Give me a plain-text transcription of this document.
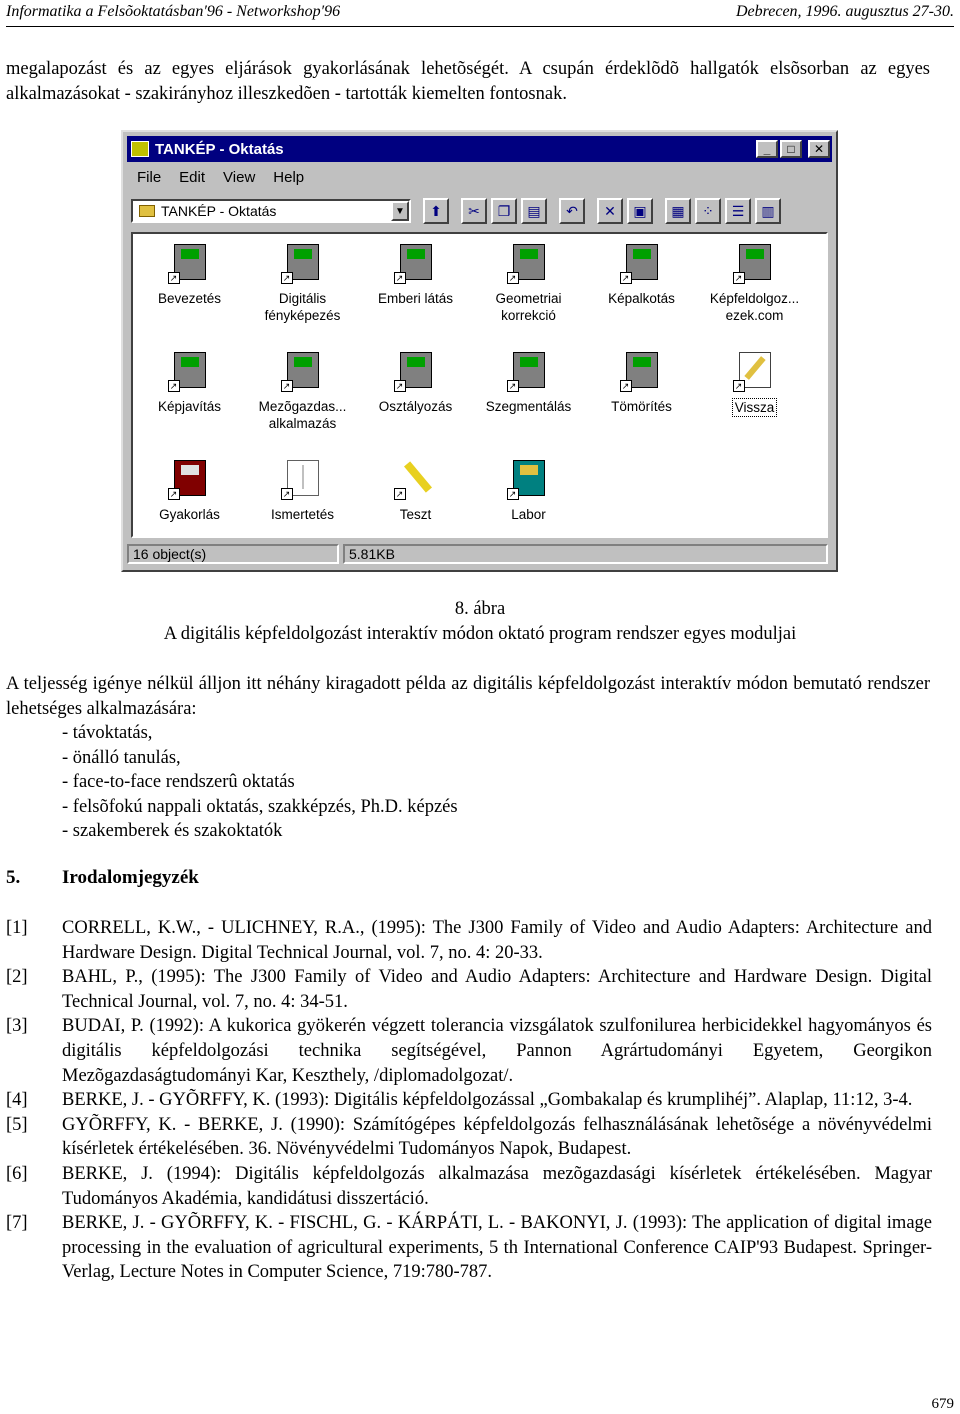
Informatika a Felsõoktatásban′96 - Networkshop′96	Debrecen, 1996. augusztus 27-30.

megalapozást és az egyes eljárások gyakorlásának lehetõségét. A csupán érdeklõdõ hallgatók elsõsorban az egyes alkalmazásokat - szakirányhoz illeszkedõen - tartották kiemelten fontosnak.

TANKÉP - Oktatás	_	□	✕
File Edit View Help
TANKÉP - Oktatás	▼ ⬆ ✂ ❐ ▤ ↶ ✕ ▣ ▦ ⁘ ☰ ▥
↗
Bevezetés
↗
Digitális fényképezés
↗
Emberi látás
↗
Geometriai korrekció
↗
Képalkotás
↗
Képfeldolgoz... ezek.com
↗
Képjavítás
↗
Mezõgazdas... alkalmazás
↗
Osztályozás
↗
Szegmentálás
↗
Tömörítés
↗
Vissza
↗
Gyakorlás
↗
Ismertetés
↗
Teszt
↗
Labor
16 object(s)	5.81KB
8. ábra
A digitális képfeldolgozást interaktív módon oktató program rendszer egyes moduljai

A teljesség igénye nélkül álljon itt néhány kiragadott példa az digitális képfeldolgozást interaktív módon bemutató rendszer lehetséges alkalmazására:

- távoktatás,
- önálló tanulás,
- face-to-face rendszerû oktatás
- felsõfokú nappali oktatás, szakképzés, Ph.D. képzés
- szakemberek és szakoktatók
5. Irodalomjegyzék
[1] CORRELL, K.W., - ULICHNEY, R.A., (1995): The J300 Family of Video and Audio Adapters: Architecture and Hardware Design. Digital Technical Journal, vol. 7, no. 4: 20-33.
[2] BAHL, P., (1995): The J300 Family of Video and Audio Adapters: Architecture and Hardware Design. Digital Technical Journal, vol. 7, no. 4: 34-51.
[3] BUDAI, P. (1992): A kukorica gyökerén végzett tolerancia vizsgálatok szulfonilurea herbicidekkel hagyományos és digitális képfeldolgozási technika segítségével, Pannon Agrártudományi Egyetem, Georgikon Mezõgazdaságtudományi Kar, Keszthely, /diplomadolgozat/.
[4] BERKE, J. - GYÕRFFY, K. (1993): Digitális képfeldolgozással „Gombakalap és krumplihéj”. Alaplap, 11:12, 3-4.
[5] GYÕRFFY, K. - BERKE, J. (1990): Számítógépes képfeldolgozás felhasználásának lehetõsége a növényvédelmi kísérletek értékelésében. 36. Növényvédelmi Tudományos Napok, Budapest.
[6] BERKE, J. (1994): Digitális képfeldolgozás alkalmazása mezõgazdasági kísérletek értékelésében. Magyar Tudományos Akadémia, kandidátusi disszertáció.
[7] BERKE, J. - GYÕRFFY, K. - FISCHL, G. - KÁRPÁTI, L. - BAKONYI, J. (1993): The application of digital image processing in the evaluation of agricultural experiments, 5 th International Conference CAIP'93 Budapest. Springer-Verlag, Lecture Notes in Computer Science, 719:780-787.
679
